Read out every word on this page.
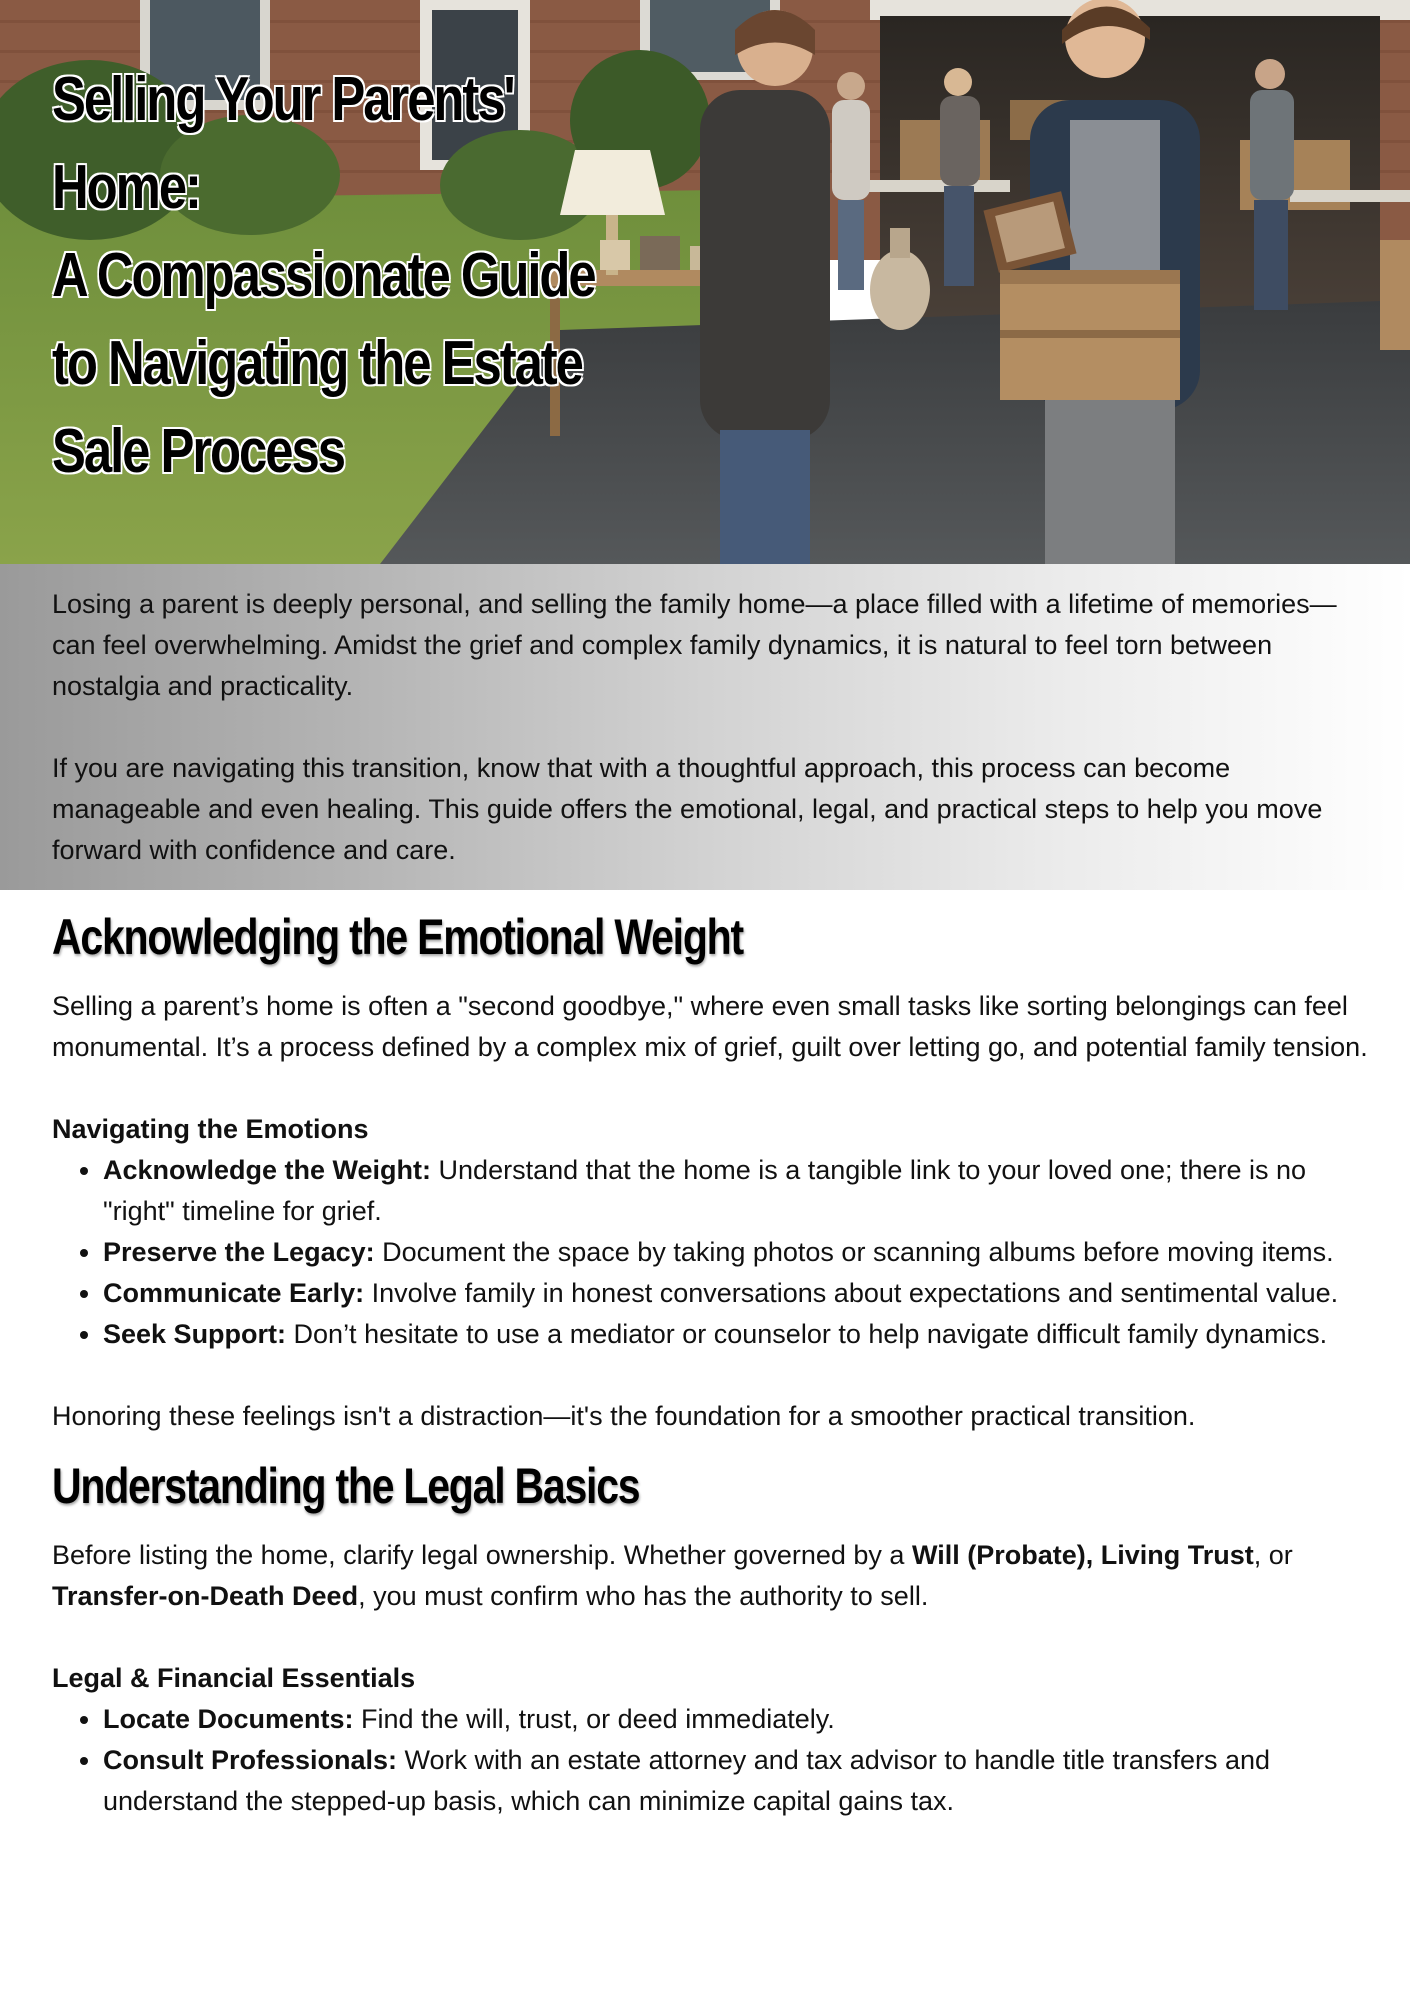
Selling Your Parents'
Home:
A Compassionate Guide
to Navigating the Estate
Sale Process

Losing a parent is deeply personal, and selling the family home—a place filled with a lifetime of memories—can feel overwhelming. Amidst the grief and complex family dynamics, it is natural to feel torn between nostalgia and practicality.

If you are navigating this transition, know that with a thoughtful approach, this process can become manageable and even healing. This guide offers the emotional, legal, and practical steps to help you move forward with confidence and care.

Acknowledging the Emotional Weight

Selling a parent’s home is often a "second goodbye," where even small tasks like sorting belongings can feel monumental. It’s a process defined by a complex mix of grief, guilt over letting go, and potential family tension.

Navigating the Emotions

• Acknowledge the Weight: Understand that the home is a tangible link to your loved one; there is no "right" timeline for grief.
• Preserve the Legacy: Document the space by taking photos or scanning albums before moving items.
• Communicate Early: Involve family in honest conversations about expectations and sentimental value.
• Seek Support: Don’t hesitate to use a mediator or counselor to help navigate difficult family dynamics.

Honoring these feelings isn't a distraction—it's the foundation for a smoother practical transition.

Understanding the Legal Basics

Before listing the home, clarify legal ownership. Whether governed by a Will (Probate), Living Trust, or Transfer-on-Death Deed, you must confirm who has the authority to sell.

Legal & Financial Essentials

• Locate Documents: Find the will, trust, or deed immediately.
• Consult Professionals: Work with an estate attorney and tax advisor to handle title transfers and understand the stepped-up basis, which can minimize capital gains tax.
